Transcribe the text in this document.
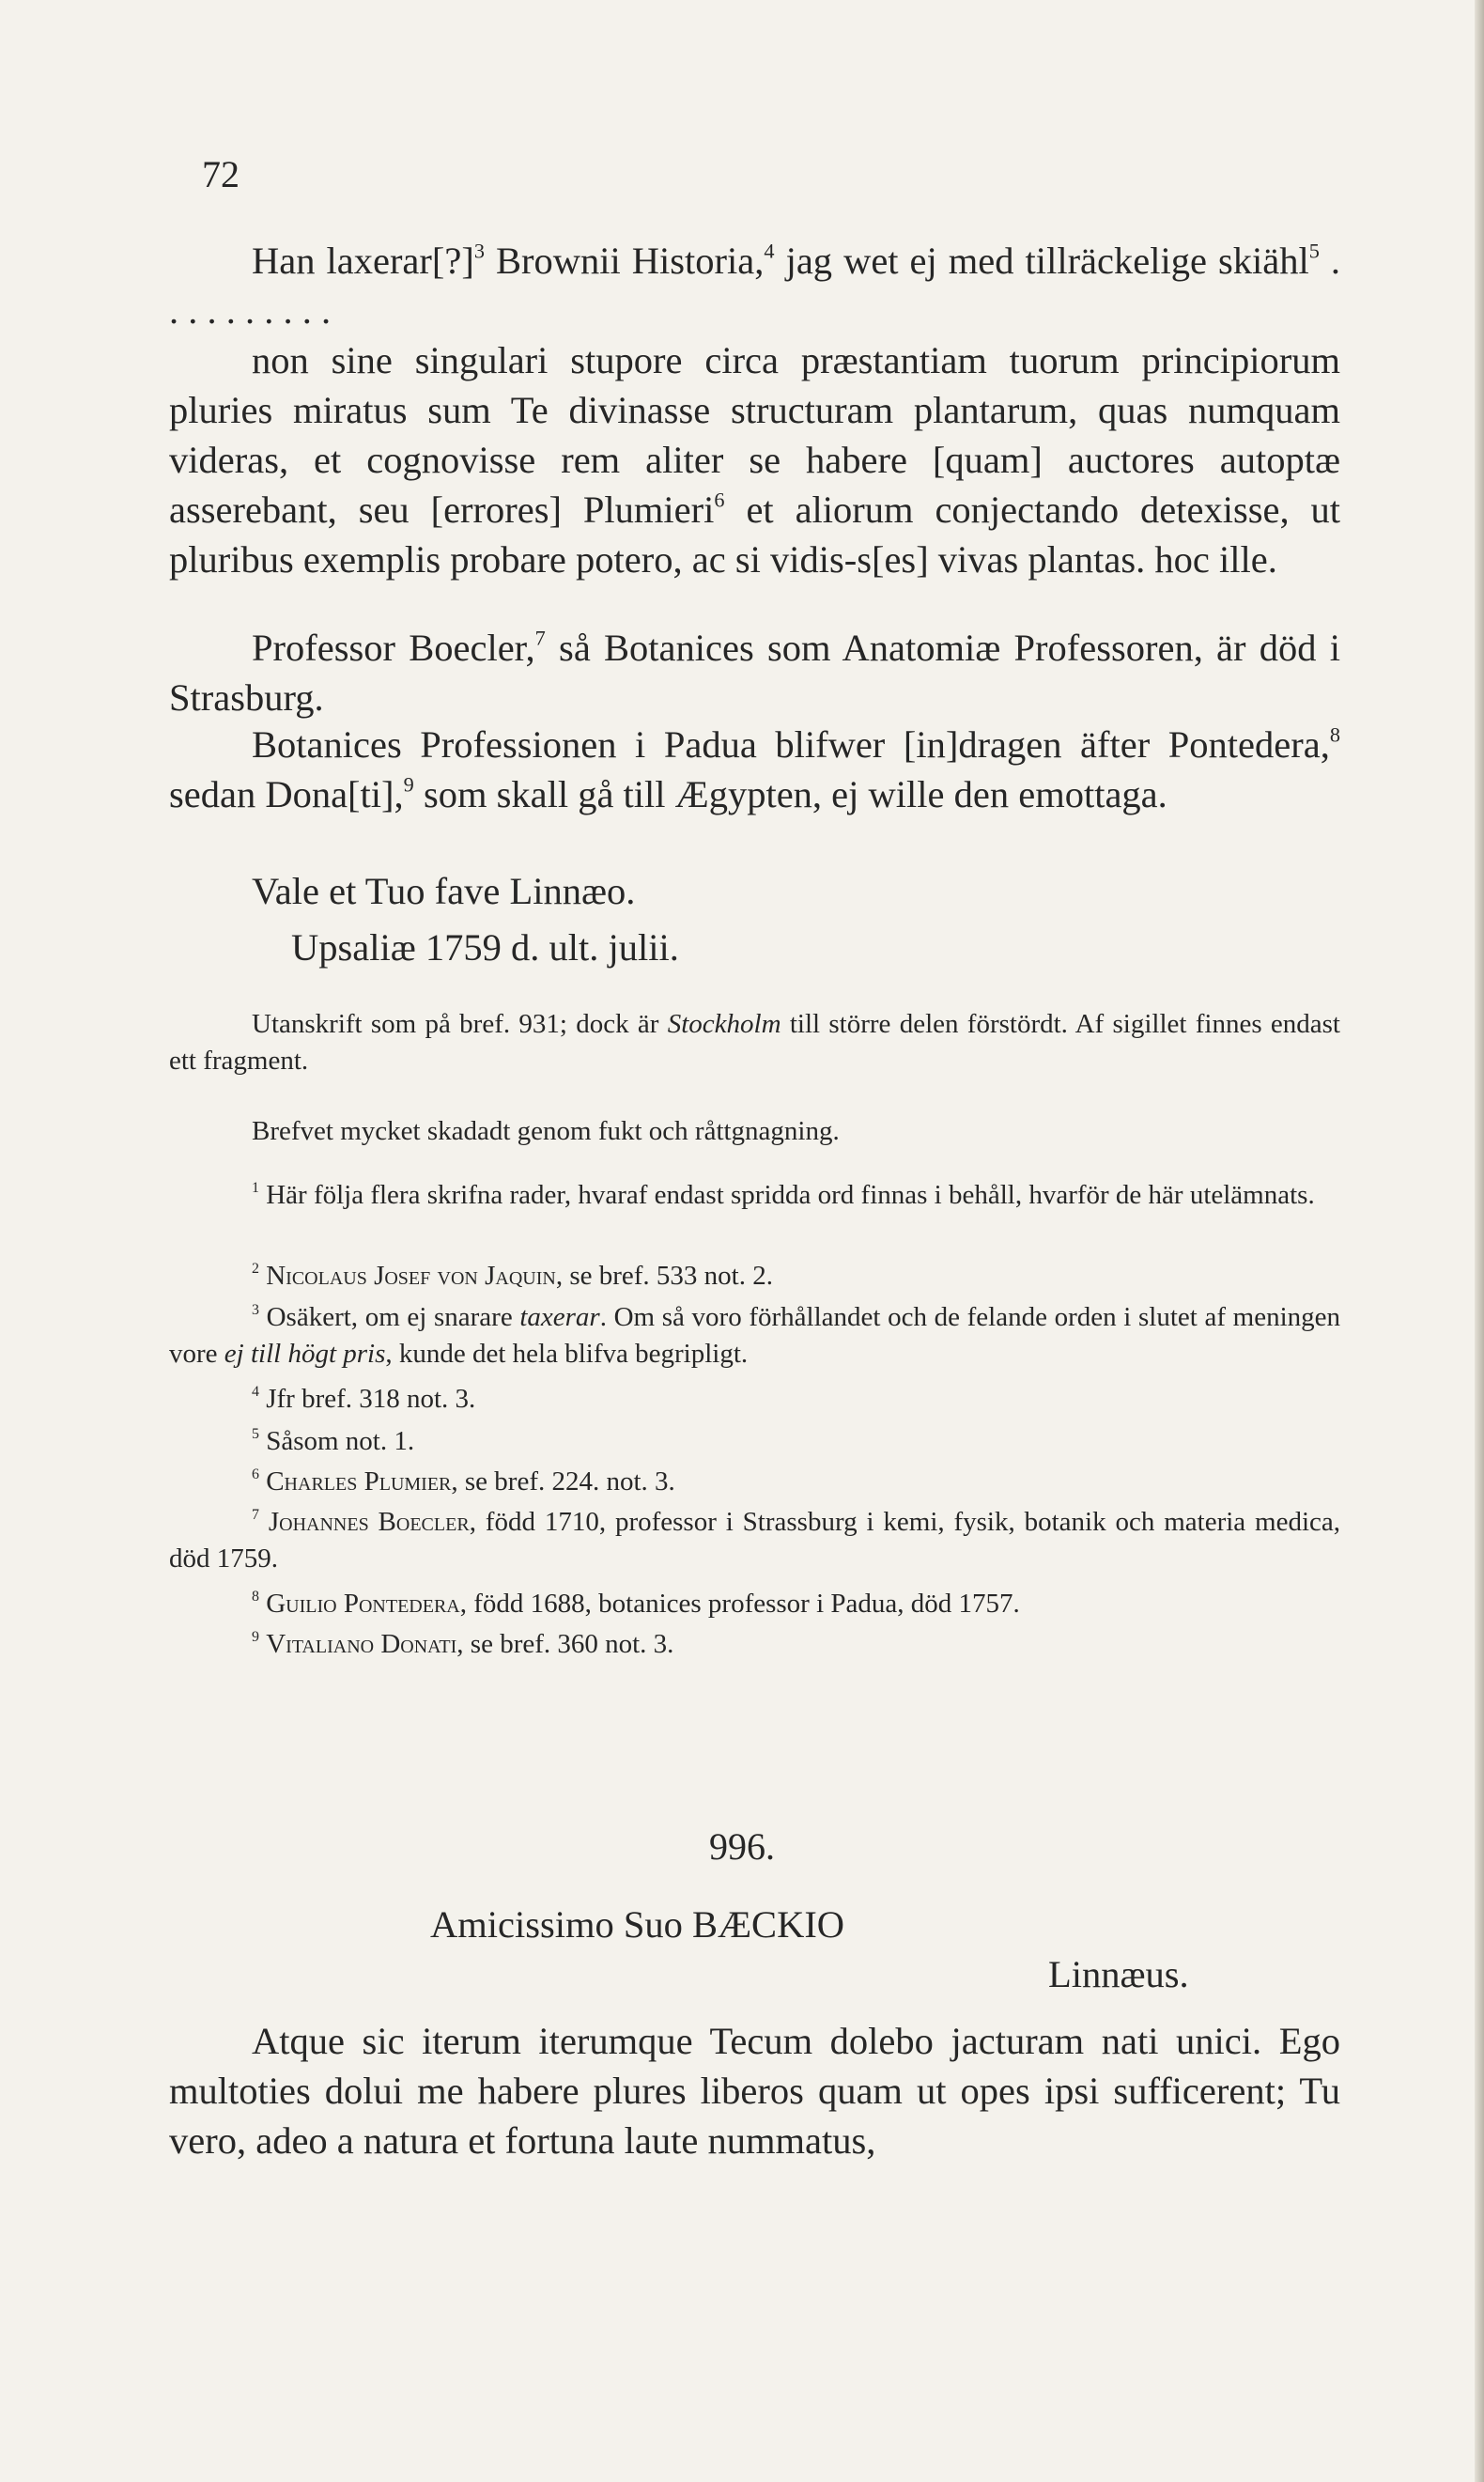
72

Han laxerar[?]$^3$ Brownii Historia,$^4$ jag wet ej med tillräckelige skiähl$^5$ . . . . . . . . . .

non sine singulari stupore circa præstantiam tuorum principiorum pluries miratus sum Te divinasse structuram plantarum, quas numquam videras, et cognovisse rem aliter se habere [quam] auctores autoptæ asserebant, seu [errores] Plumieri$^6$ et aliorum conjectando detexisse, ut pluribus exemplis probare potero, ac si vidis-s[es] vivas plantas. hoc ille.

Professor Boecler,$^7$ så Botanices som Anatomiæ Professoren, är död i Strasburg.

Botanices Professionen i Padua blifwer [in]dragen äfter Pontedera,$^8$ sedan Dona[ti],$^9$ som skall gå till Ægypten, ej wille den emottaga.

Vale et Tuo fave Linnæo.
Upsaliæ 1759 d. ult. julii.

Utanskrift som på bref. 931; dock är Stockholm till större delen förstördt. Af sigillet finnes endast ett fragment.

Brefvet mycket skadadt genom fukt och råttgnagning.

$^1$ Här följa flera skrifna rader, hvaraf endast spridda ord finnas i behåll, hvarför de här utelämnats.

$^2$ Nicolaus Josef von Jaquin, se bref. 533 not. 2.

$^3$ Osäkert, om ej snarare taxerar. Om så voro förhållandet och de felande orden i slutet af meningen vore ej till högt pris, kunde det hela blifva begripligt.

$^4$ Jfr bref. 318 not. 3.

$^5$ Såsom not. 1.

$^6$ Charles Plumier, se bref. 224. not. 3.

$^7$ Johannes Boecler, född 1710, professor i Strassburg i kemi, fysik, botanik och materia medica, död 1759.

$^8$ Guilio Pontedera, född 1688, botanices professor i Padua, död 1757.

$^9$ Vitaliano Donati, se bref. 360 not. 3.

996.
Amicissimo Suo BÆCKIO
Linnæus.
Atque sic iterum iterumque Tecum dolebo jacturam nati unici. Ego multoties dolui me habere plures liberos quam ut opes ipsi sufficerent; Tu vero, adeo a natura et fortuna laute nummatus,
